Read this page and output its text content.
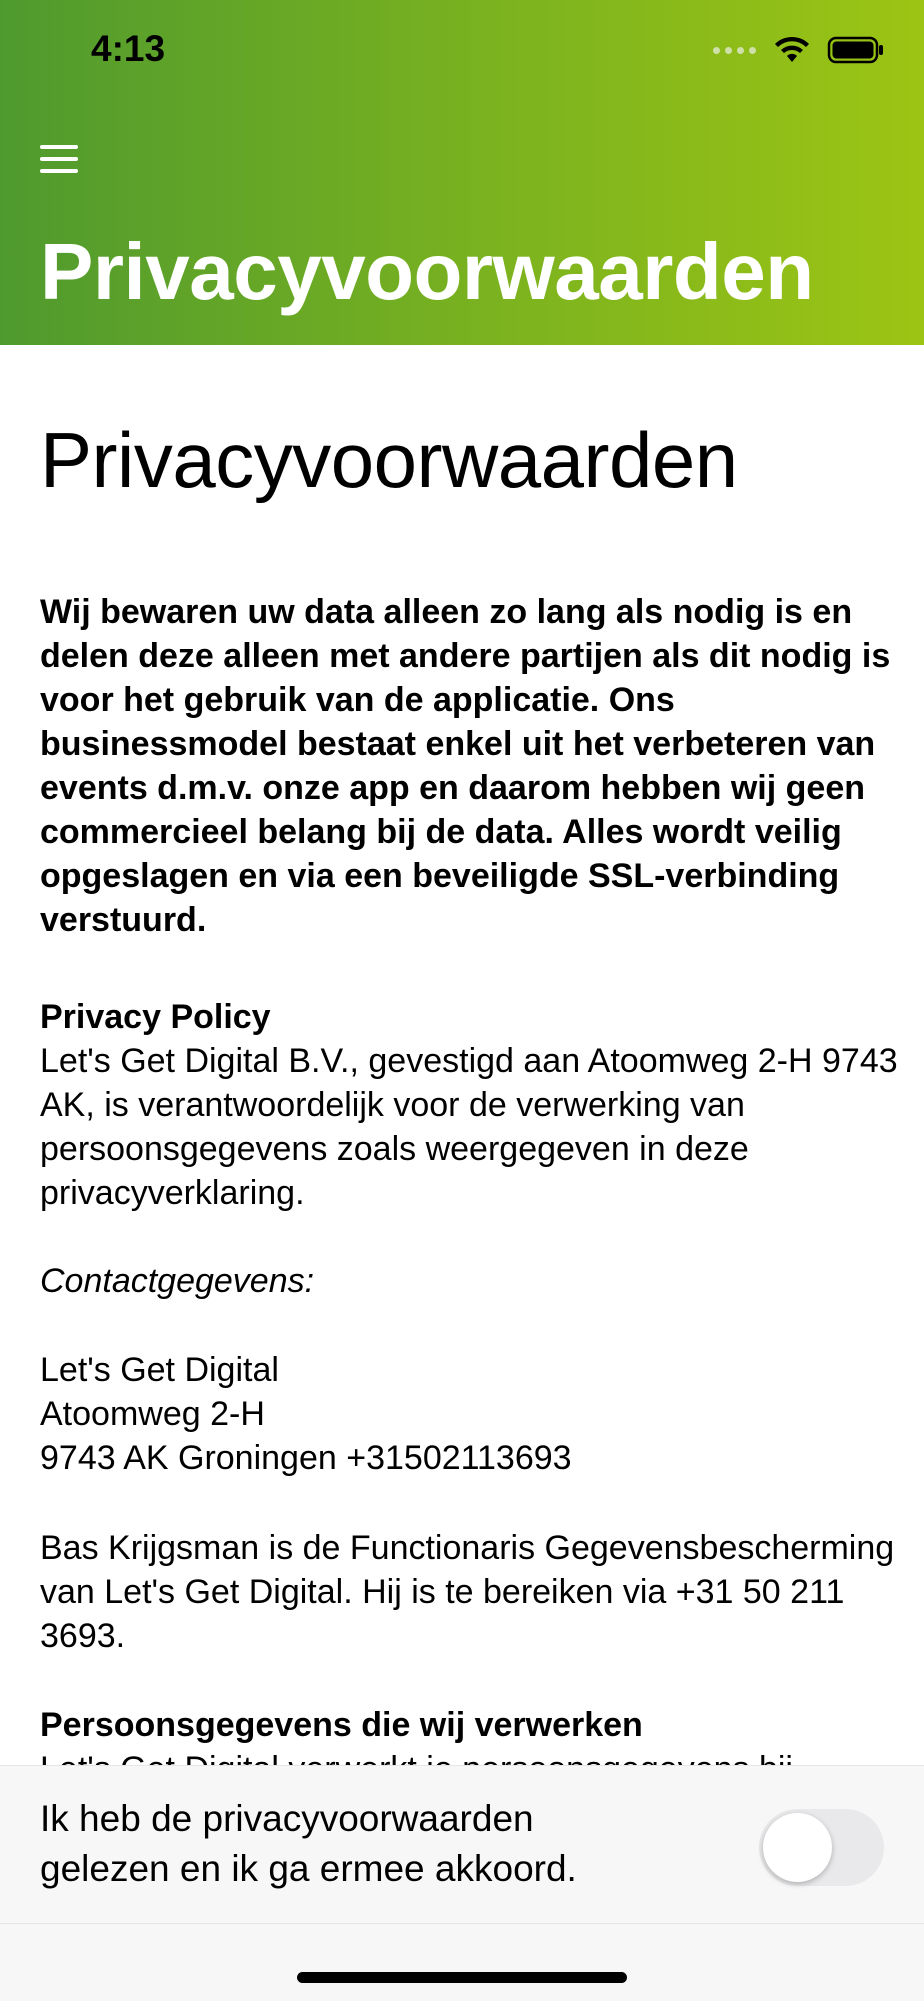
4:13
Privacyvoorwaarden
Privacyvoorwaarden

Wij bewaren uw data alleen zo lang als nodig is en delen deze alleen met andere partijen als dit nodig is voor het gebruik van de applicatie. Ons businessmodel bestaat enkel uit het verbeteren van events d.m.v. onze app en daarom hebben wij geen commercieel belang bij de data. Alles wordt veilig opgeslagen en via een beveiligde SSL-verbinding verstuurd.

Privacy Policy

Let's Get Digital B.V., gevestigd aan Atoomweg 2-H 9743 AK, is verantwoordelijk voor de verwerking van persoonsgegevens zoals weergegeven in deze privacyverklaring.

Contactgegevens:

Let's Get Digital

Atoomweg 2-H

9743 AK Groningen +31502113693

Bas Krijgsman is de Functionaris Gegevensbescherming van Let's Get Digital. Hij is te bereiken via +31 50 211 3693.

Persoonsgegevens die wij verwerken

Ik heb de privacyvoorwaarden gelezen en ik ga ermee akkoord.
